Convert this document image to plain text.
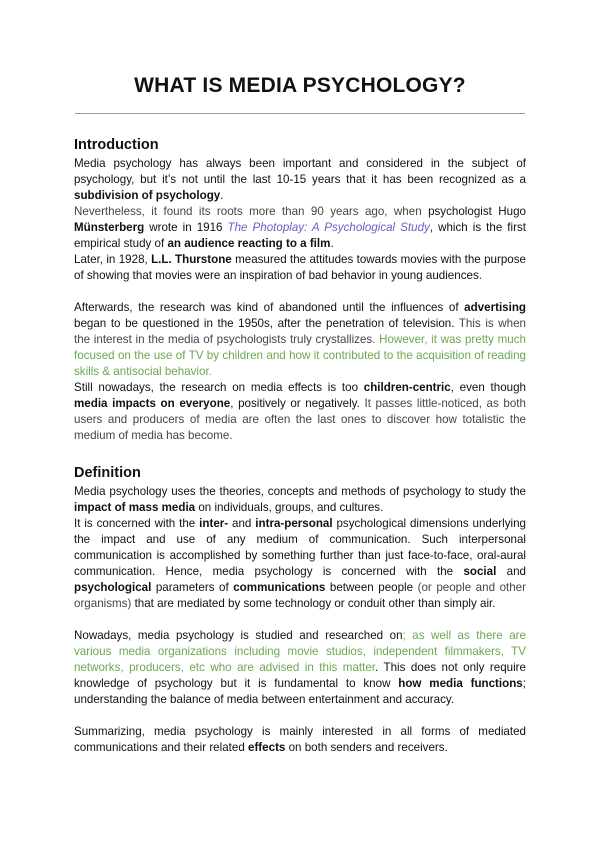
WHAT IS MEDIA PSYCHOLOGY?
Introduction

Media psychology has always been important and considered in the subject of psychology, but it’s not until the last 10-15 years that it has been recognized as a subdivision of psychology.

Nevertheless, it found its roots more than 90 years ago, when psychologist Hugo Münsterberg wrote in 1916 The Photoplay: A Psychological Study, which is the first empirical study of an audience reacting to a film.

Later, in 1928, L.L. Thurstone measured the attitudes towards movies with the purpose of showing that movies were an inspiration of bad behavior in young audiences.

Afterwards, the research was kind of abandoned until the influences of advertising began to be questioned in the 1950s, after the penetration of television. This is when the interest in the media of psychologists truly crystallizes. However, it was pretty much focused on the use of TV by children and how it contributed to the acquisition of reading skills & antisocial behavior.

Still nowadays, the research on media effects is too children-centric, even though media impacts on everyone, positively or negatively. It passes little-noticed, as both users and producers of media are often the last ones to discover how totalistic the medium of media has become.

Definition

Media psychology uses the theories, concepts and methods of psychology to study the impact of mass media on individuals, groups, and cultures.

It is concerned with the inter- and intra-personal psychological dimensions underlying the impact and use of any medium of communication. Such interpersonal communication is accomplished by something further than just face-to-face, oral-aural communication. Hence, media psychology is concerned with the social and psychological parameters of communications between people (or people and other organisms) that are mediated by some technology or conduit other than simply air.

Nowadays, media psychology is studied and researched on; as well as there are various media organizations including movie studios, independent filmmakers, TV networks, producers, etc who are advised in this matter. This does not only require knowledge of psychology but it is fundamental to know how media functions; understanding the balance of media between entertainment and accuracy.

Summarizing, media psychology is mainly interested in all forms of mediated communications and their related effects on both senders and receivers.
